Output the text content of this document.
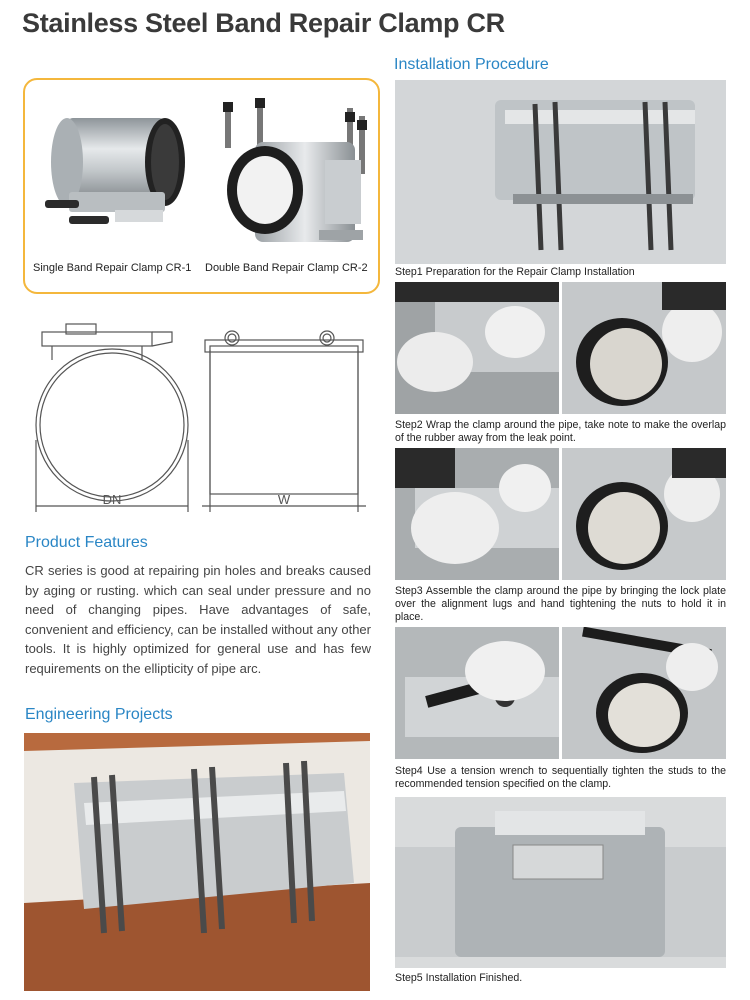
Stainless Steel Band Repair Clamp CR
Single Band Repair Clamp CR-1 Double Band Repair Clamp CR-2
DN	W
Product Features
CR series is good at repairing pin holes and breaks caused by aging or rusting. which can seal under pressure and no need of changing pipes. Have advantages of safe, convenient and efficiency, can be installed without any other tools. It is highly optimized for general use and has few requirements on the ellipticity of pipe arc.
Engineering Projects
Installation Procedure
Step1 Preparation for the Repair Clamp Installation
Step2 Wrap the clamp around the pipe, take note to make the overlap of the rubber away from the leak point.
Step3 Assemble the clamp around the pipe by bringing the lock plate over the alignment lugs and hand tightening the nuts to hold it in place.
Step4 Use a tension wrench to sequentially tighten the studs to the recommended tension specified on the clamp.
Step5 Installation Finished.
